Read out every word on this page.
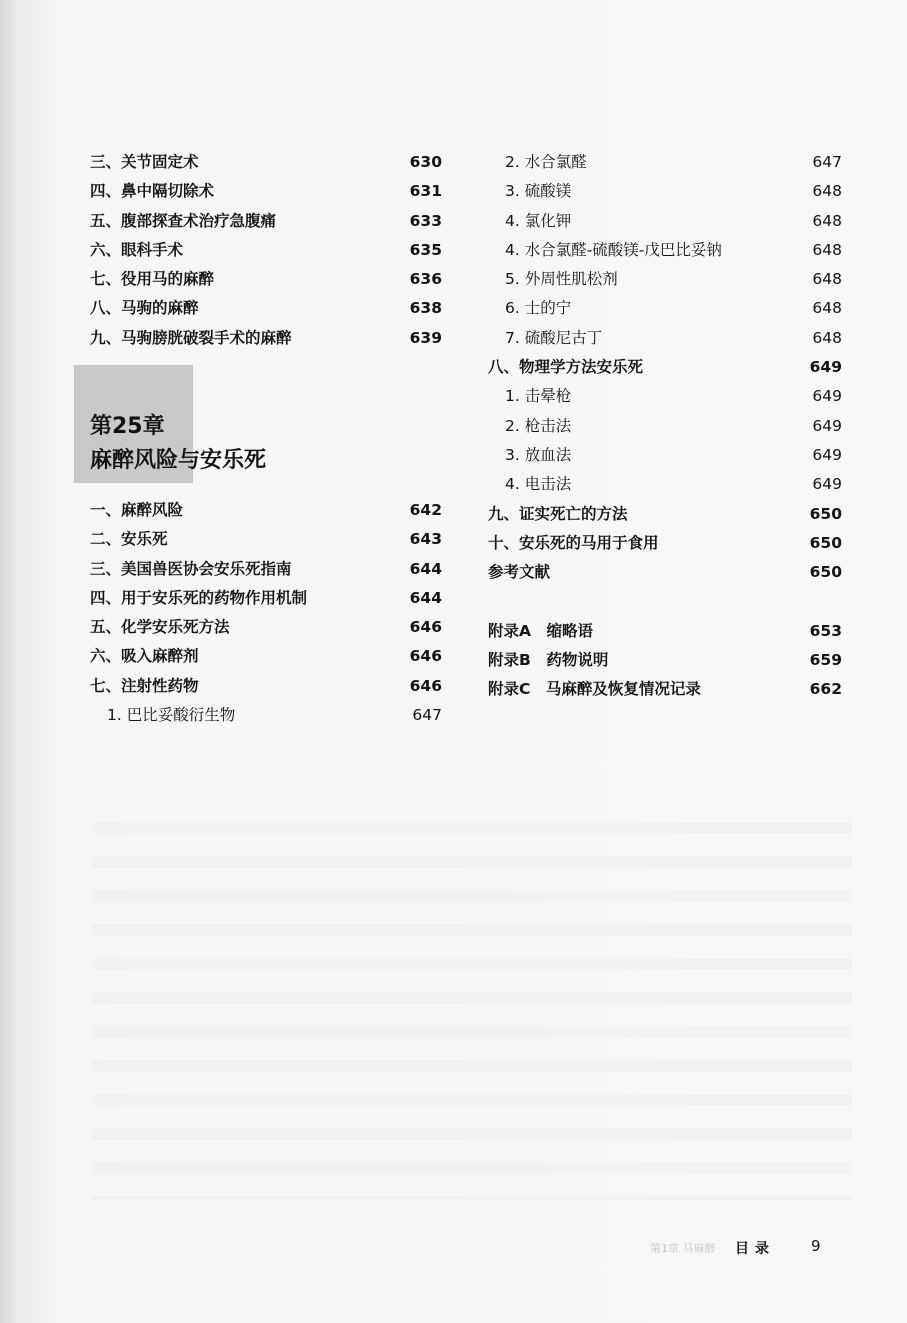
三、关节固定术	630
四、鼻中隔切除术	631
五、腹部探查术治疗急腹痛	633
六、眼科手术	635
七、役用马的麻醉	636
八、马驹的麻醉	638
九、马驹膀胱破裂手术的麻醉	639
第25章
麻醉风险与安乐死
一、麻醉风险	642
二、安乐死	643
三、美国兽医协会安乐死指南	644
四、用于安乐死的药物作用机制	644
五、化学安乐死方法	646
六、吸入麻醉剂	646
七、注射性药物	646
1. 巴比妥酸衍生物	647
2. 水合氯醛	647
3. 硫酸镁	648
4. 氯化钾	648
4. 水合氯醛-硫酸镁-戊巴比妥钠	648
5. 外周性肌松剂	648
6. 士的宁	648
7. 硫酸尼古丁	648
八、物理学方法安乐死	649
1. 击晕枪	649
2. 枪击法	649
3. 放血法	649
4. 电击法	649
九、证实死亡的方法	650
十、安乐死的马用于食用	650
参考文献	650
附录A　缩略语	653
附录B　药物说明	659
附录C　马麻醉及恢复情况记录	662
第1章 马麻醉 目录 9
